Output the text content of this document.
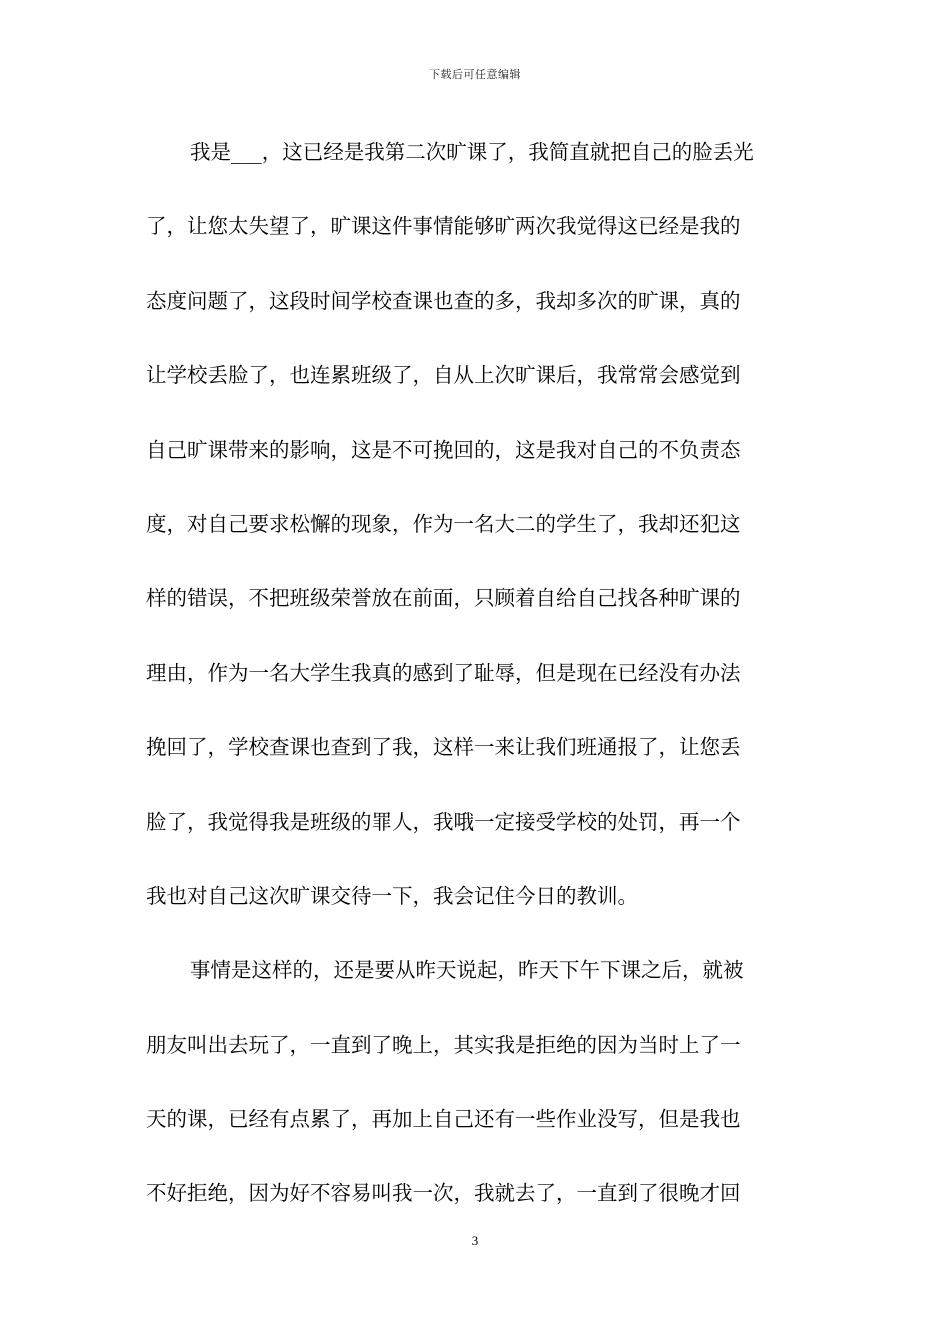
下载后可任意编辑
我是___，这已经是我第二次旷课了，我简直就把自己的脸丢光
了，让您太失望了，旷课这件事情能够旷两次我觉得这已经是我的
态度问题了，这段时间学校查课也查的多，我却多次的旷课，真的
让学校丢脸了，也连累班级了，自从上次旷课后，我常常会感觉到
自己旷课带来的影响，这是不可挽回的，这是我对自己的不负责态
度，对自己要求松懈的现象，作为一名大二的学生了，我却还犯这
样的错误，不把班级荣誉放在前面，只顾着自给自己找各种旷课的
理由，作为一名大学生我真的感到了耻辱，但是现在已经没有办法
挽回了，学校查课也查到了我，这样一来让我们班通报了，让您丢
脸了，我觉得我是班级的罪人，我哦一定接受学校的处罚，再一个
我也对自己这次旷课交待一下，我会记住今日的教训。
事情是这样的，还是要从昨天说起，昨天下午下课之后，就被
朋友叫出去玩了，一直到了晚上，其实我是拒绝的因为当时上了一
天的课，已经有点累了，再加上自己还有一些作业没写，但是我也
不好拒绝，因为好不容易叫我一次，我就去了，一直到了很晚才回
3
